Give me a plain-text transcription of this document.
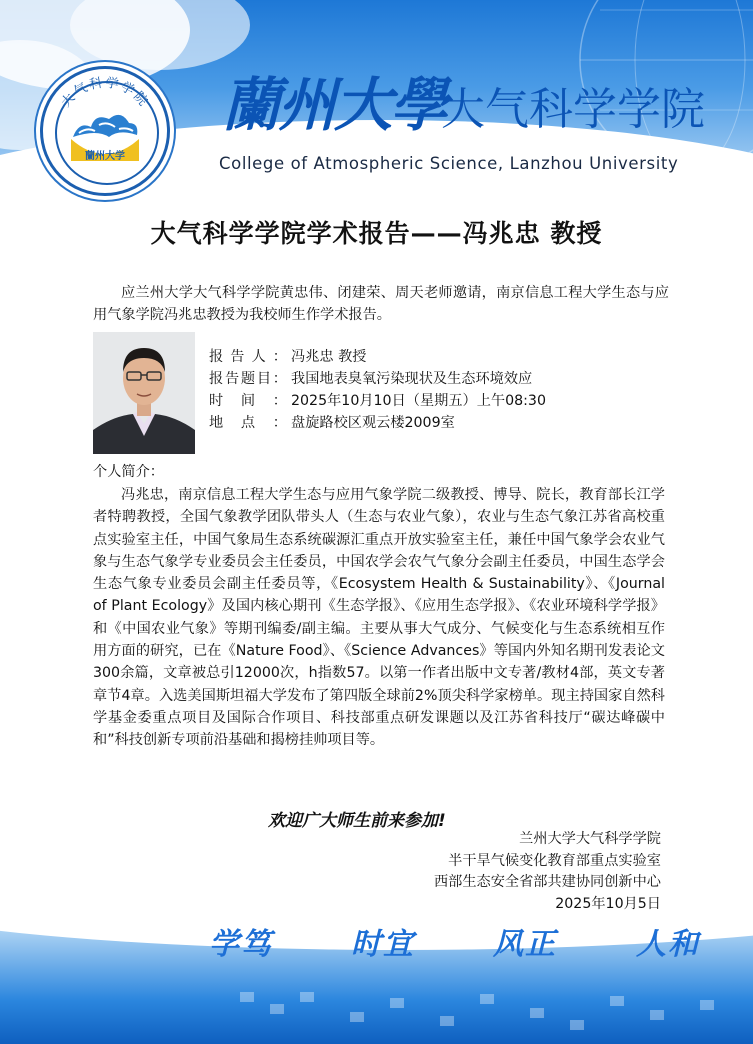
大气科学学院
蘭州大学
蘭州大學
大气科学学院
College of Atmospheric Science, Lanzhou University
大气科学学院学术报告——冯兆忠 教授
应兰州大学大气科学学院黄忠伟、闭建荣、周天老师邀请，南京信息工程大学生态与应用气象学院冯兆忠教授为我校师生作学术报告。
报告人： 冯兆忠 教授
报告题目： 我国地表臭氧污染现状及生态环境效应
时间： 2025年10月10日（星期五）上午08:30
地点： 盘旋路校区观云楼2009室
个人简介：
冯兆忠，南京信息工程大学生态与应用气象学院二级教授、博导、院长，教育部长江学者特聘教授，全国气象教学团队带头人（生态与农业气象），农业与生态气象江苏省高校重点实验室主任，中国气象局生态系统碳源汇重点开放实验室主任，兼任中国气象学会农业气象与生态气象学专业委员会主任委员，中国农学会农气气象分会副主任委员，中国生态学会生态气象专业委员会副主任委员等，《Ecosystem Health & Sustainability》、《Journal of Plant Ecology》及国内核心期刊《生态学报》、《应用生态学报》、《农业环境科学学报》和《中国农业气象》等期刊编委/副主编。主要从事大气成分、气候变化与生态系统相互作用方面的研究，已在《Nature Food》、《Science Advances》等国内外知名期刊发表论文300余篇，文章被总引12000次，h指数57。以第一作者出版中文专著/教材4部，英文专著章节4章。入选美国斯坦福大学发布了第四版全球前2%顶尖科学家榜单。现主持国家自然科学基金委重点项目及国际合作项目、科技部重点研发课题以及江苏省科技厅“碳达峰碳中和”科技创新专项前沿基础和揭榜挂帅项目等。
欢迎广大师生前来参加!
兰州大学大气科学学院
半干旱气候变化教育部重点实验室
西部生态安全省部共建协同创新中心
2025年10月5日
学笃	时宜	风正	人和
